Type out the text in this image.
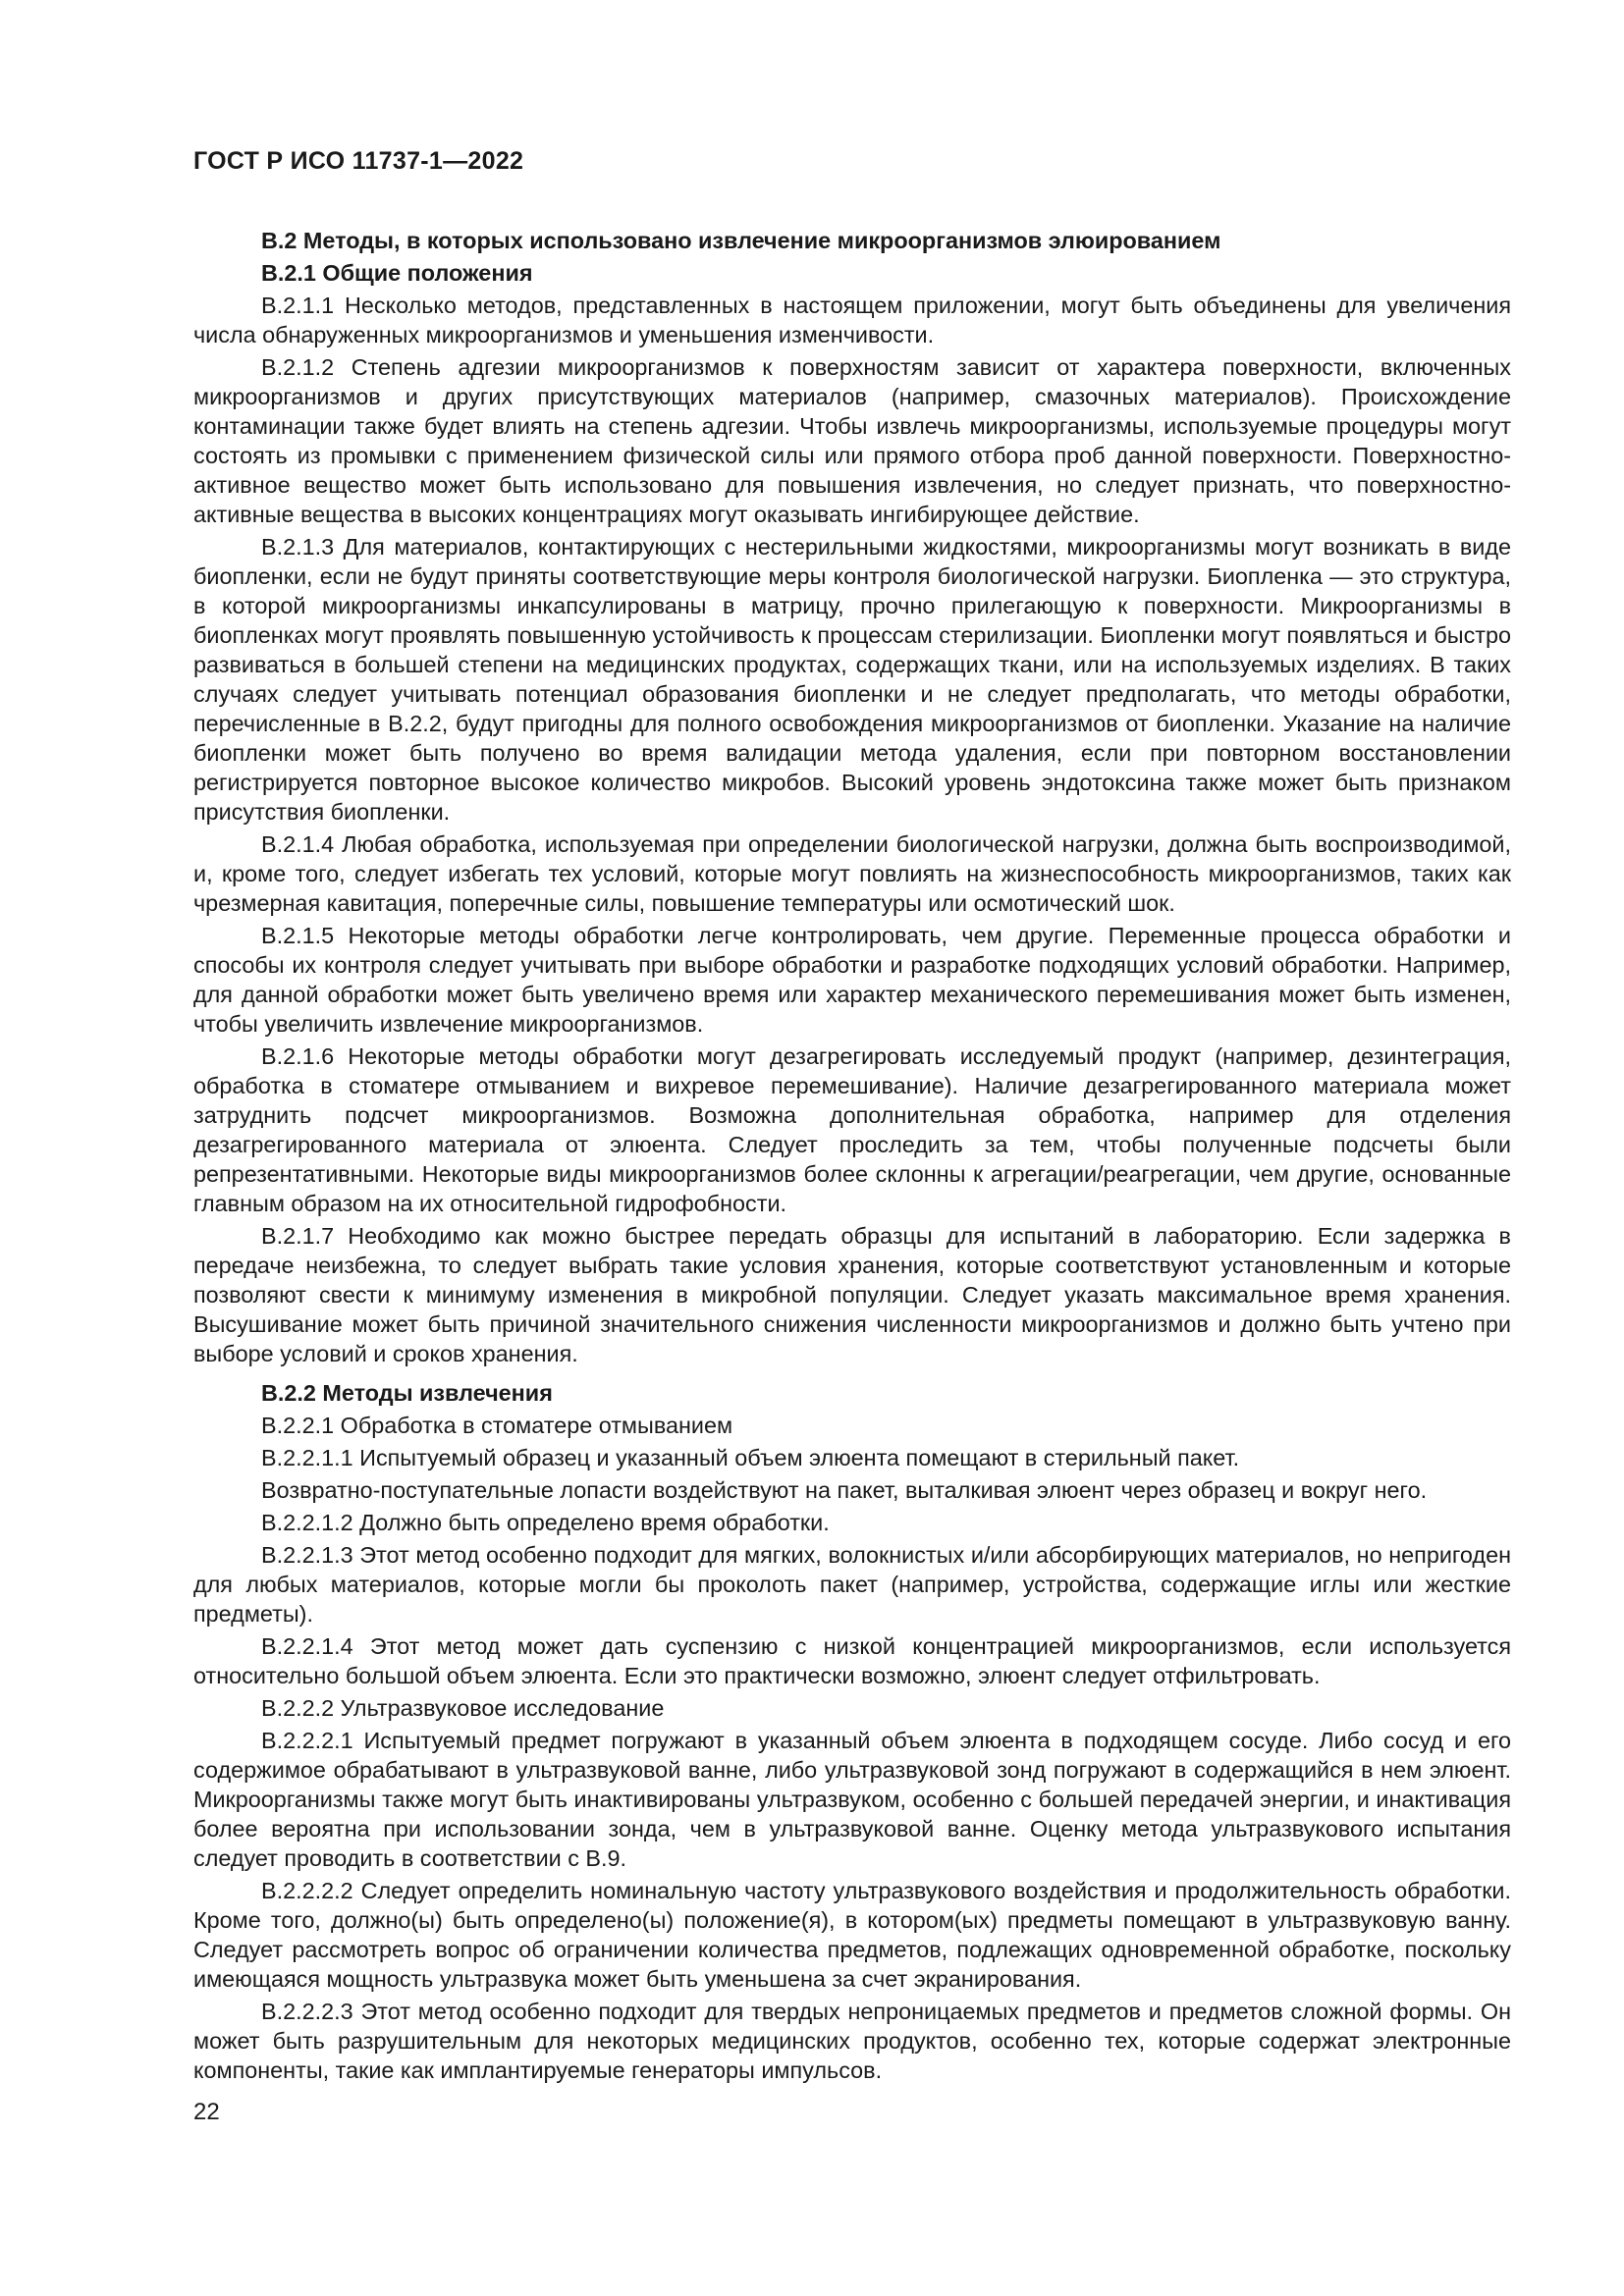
ГОСТ Р ИСО 11737-1—2022

B.2 Методы, в которых использовано извлечение микроорганизмов элюированием

B.2.1 Общие положения

B.2.1.1 Несколько методов, представленных в настоящем приложении, могут быть объединены для увеличения числа обнаруженных микроорганизмов и уменьшения изменчивости.

B.2.1.2 Степень адгезии микроорганизмов к поверхностям зависит от характера поверхности, включенных микроорганизмов и других присутствующих материалов (например, смазочных материалов). Происхождение контаминации также будет влиять на степень адгезии. Чтобы извлечь микроорганизмы, используемые процедуры могут состоять из промывки с применением физической силы или прямого отбора проб данной поверхности. Поверхностно-активное вещество может быть использовано для повышения извлечения, но следует признать, что поверхностно-активные вещества в высоких концентрациях могут оказывать ингибирующее действие.

B.2.1.3 Для материалов, контактирующих с нестерильными жидкостями, микроорганизмы могут возникать в виде биопленки, если не будут приняты соответствующие меры контроля биологической нагрузки. Биопленка — это структура, в которой микроорганизмы инкапсулированы в матрицу, прочно прилегающую к поверхности. Микроорганизмы в биопленках могут проявлять повышенную устойчивость к процессам стерилизации. Биопленки могут появляться и быстро развиваться в большей степени на медицинских продуктах, содержащих ткани, или на используемых изделиях. В таких случаях следует учитывать потенциал образования биопленки и не следует предполагать, что методы обработки, перечисленные в B.2.2, будут пригодны для полного освобождения микроорганизмов от биопленки. Указание на наличие биопленки может быть получено во время валидации метода удаления, если при повторном восстановлении регистрируется повторное высокое количество микробов. Высокий уровень эндотоксина также может быть признаком присутствия биопленки.

B.2.1.4 Любая обработка, используемая при определении биологической нагрузки, должна быть воспроизводимой, и, кроме того, следует избегать тех условий, которые могут повлиять на жизнеспособность микроорганизмов, таких как чрезмерная кавитация, поперечные силы, повышение температуры или осмотический шок.

B.2.1.5 Некоторые методы обработки легче контролировать, чем другие. Переменные процесса обработки и способы их контроля следует учитывать при выборе обработки и разработке подходящих условий обработки. Например, для данной обработки может быть увеличено время или характер механического перемешивания может быть изменен, чтобы увеличить извлечение микроорганизмов.

B.2.1.6 Некоторые методы обработки могут дезагрегировать исследуемый продукт (например, дезинтеграция, обработка в стоматере отмыванием и вихревое перемешивание). Наличие дезагрегированного материала может затруднить подсчет микроорганизмов. Возможна дополнительная обработка, например для отделения дезагрегированного материала от элюента. Следует проследить за тем, чтобы полученные подсчеты были репрезентативными. Некоторые виды микроорганизмов более склонны к агрегации/реагрегации, чем другие, основанные главным образом на их относительной гидрофобности.

B.2.1.7 Необходимо как можно быстрее передать образцы для испытаний в лабораторию. Если задержка в передаче неизбежна, то следует выбрать такие условия хранения, которые соответствуют установленным и которые позволяют свести к минимуму изменения в микробной популяции. Следует указать максимальное время хранения. Высушивание может быть причиной значительного снижения численности микроорганизмов и должно быть учтено при выборе условий и сроков хранения.

B.2.2 Методы извлечения

B.2.2.1 Обработка в стоматере отмыванием

B.2.2.1.1 Испытуемый образец и указанный объем элюента помещают в стерильный пакет.

Возвратно-поступательные лопасти воздействуют на пакет, выталкивая элюент через образец и вокруг него.

B.2.2.1.2 Должно быть определено время обработки.

B.2.2.1.3 Этот метод особенно подходит для мягких, волокнистых и/или абсорбирующих материалов, но непригоден для любых материалов, которые могли бы проколоть пакет (например, устройства, содержащие иглы или жесткие предметы).

B.2.2.1.4 Этот метод может дать суспензию с низкой концентрацией микроорганизмов, если используется относительно большой объем элюента. Если это практически возможно, элюент следует отфильтровать.

B.2.2.2 Ультразвуковое исследование

B.2.2.2.1 Испытуемый предмет погружают в указанный объем элюента в подходящем сосуде. Либо сосуд и его содержимое обрабатывают в ультразвуковой ванне, либо ультразвуковой зонд погружают в содержащийся в нем элюент. Микроорганизмы также могут быть инактивированы ультразвуком, особенно с большей передачей энергии, и инактивация более вероятна при использовании зонда, чем в ультразвуковой ванне. Оценку метода ультразвукового испытания следует проводить в соответствии с B.9.

B.2.2.2.2 Следует определить номинальную частоту ультразвукового воздействия и продолжительность обработки. Кроме того, должно(ы) быть определено(ы) положение(я), в котором(ых) предметы помещают в ультразвуковую ванну. Следует рассмотреть вопрос об ограничении количества предметов, подлежащих одновременной обработке, поскольку имеющаяся мощность ультразвука может быть уменьшена за счет экранирования.

B.2.2.2.3 Этот метод особенно подходит для твердых непроницаемых предметов и предметов сложной формы. Он может быть разрушительным для некоторых медицинских продуктов, особенно тех, которые содержат электронные компоненты, такие как имплантируемые генераторы импульсов.

22
